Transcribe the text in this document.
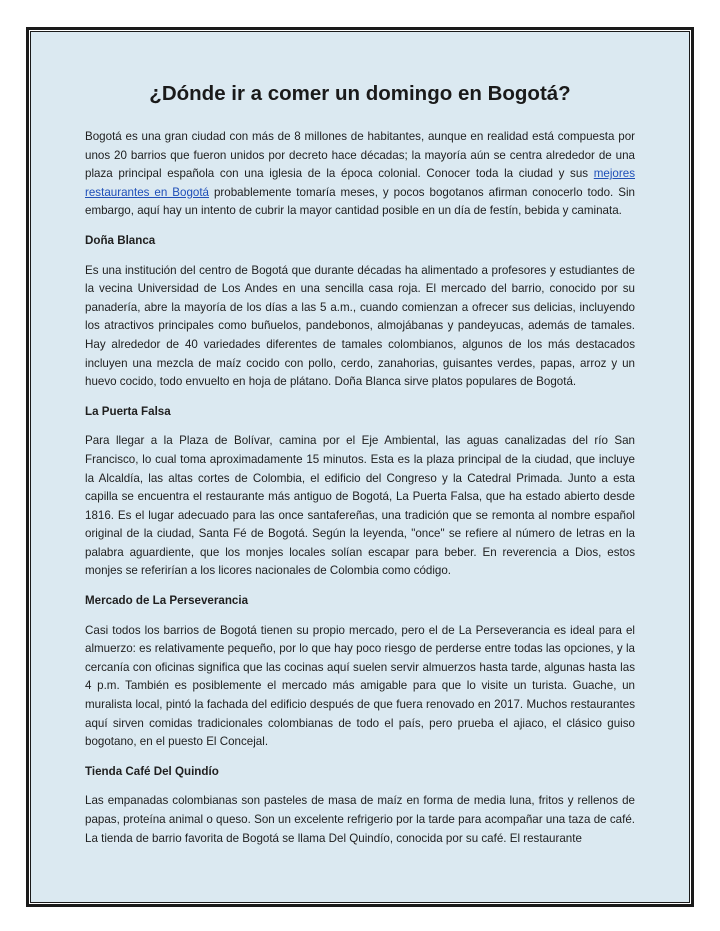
¿Dónde ir a comer un domingo en Bogotá?

Bogotá es una gran ciudad con más de 8 millones de habitantes, aunque en realidad está compuesta por unos 20 barrios que fueron unidos por decreto hace décadas; la mayoría aún se centra alrededor de una plaza principal española con una iglesia de la época colonial. Conocer toda la ciudad y sus mejores restaurantes en Bogotá probablemente tomaría meses, y pocos bogotanos afirman conocerlo todo. Sin embargo, aquí hay un intento de cubrir la mayor cantidad posible en un día de festín, bebida y caminata.

Doña Blanca

Es una institución del centro de Bogotá que durante décadas ha alimentado a profesores y estudiantes de la vecina Universidad de Los Andes en una sencilla casa roja. El mercado del barrio, conocido por su panadería, abre la mayoría de los días a las 5 a.m., cuando comienzan a ofrecer sus delicias, incluyendo los atractivos principales como buñuelos, pandebonos, almojábanas y pandeyucas, además de tamales. Hay alrededor de 40 variedades diferentes de tamales colombianos, algunos de los más destacados incluyen una mezcla de maíz cocido con pollo, cerdo, zanahorias, guisantes verdes, papas, arroz y un huevo cocido, todo envuelto en hoja de plátano. Doña Blanca sirve platos populares de Bogotá.

La Puerta Falsa

Para llegar a la Plaza de Bolívar, camina por el Eje Ambiental, las aguas canalizadas del río San Francisco, lo cual toma aproximadamente 15 minutos. Esta es la plaza principal de la ciudad, que incluye la Alcaldía, las altas cortes de Colombia, el edificio del Congreso y la Catedral Primada. Junto a esta capilla se encuentra el restaurante más antiguo de Bogotá, La Puerta Falsa, que ha estado abierto desde 1816. Es el lugar adecuado para las once santafereñas, una tradición que se remonta al nombre español original de la ciudad, Santa Fé de Bogotá. Según la leyenda, "once" se refiere al número de letras en la palabra aguardiente, que los monjes locales solían escapar para beber. En reverencia a Dios, estos monjes se referirían a los licores nacionales de Colombia como código.

Mercado de La Perseverancia

Casi todos los barrios de Bogotá tienen su propio mercado, pero el de La Perseverancia es ideal para el almuerzo: es relativamente pequeño, por lo que hay poco riesgo de perderse entre todas las opciones, y la cercanía con oficinas significa que las cocinas aquí suelen servir almuerzos hasta tarde, algunas hasta las 4 p.m. También es posiblemente el mercado más amigable para que lo visite un turista. Guache, un muralista local, pintó la fachada del edificio después de que fuera renovado en 2017. Muchos restaurantes aquí sirven comidas tradicionales colombianas de todo el país, pero prueba el ajiaco, el clásico guiso bogotano, en el puesto El Concejal.

Tienda Café Del Quindío

Las empanadas colombianas son pasteles de masa de maíz en forma de media luna, fritos y rellenos de papas, proteína animal o queso. Son un excelente refrigerio por la tarde para acompañar una taza de café. La tienda de barrio favorita de Bogotá se llama Del Quindío, conocida por su café. El restaurante
